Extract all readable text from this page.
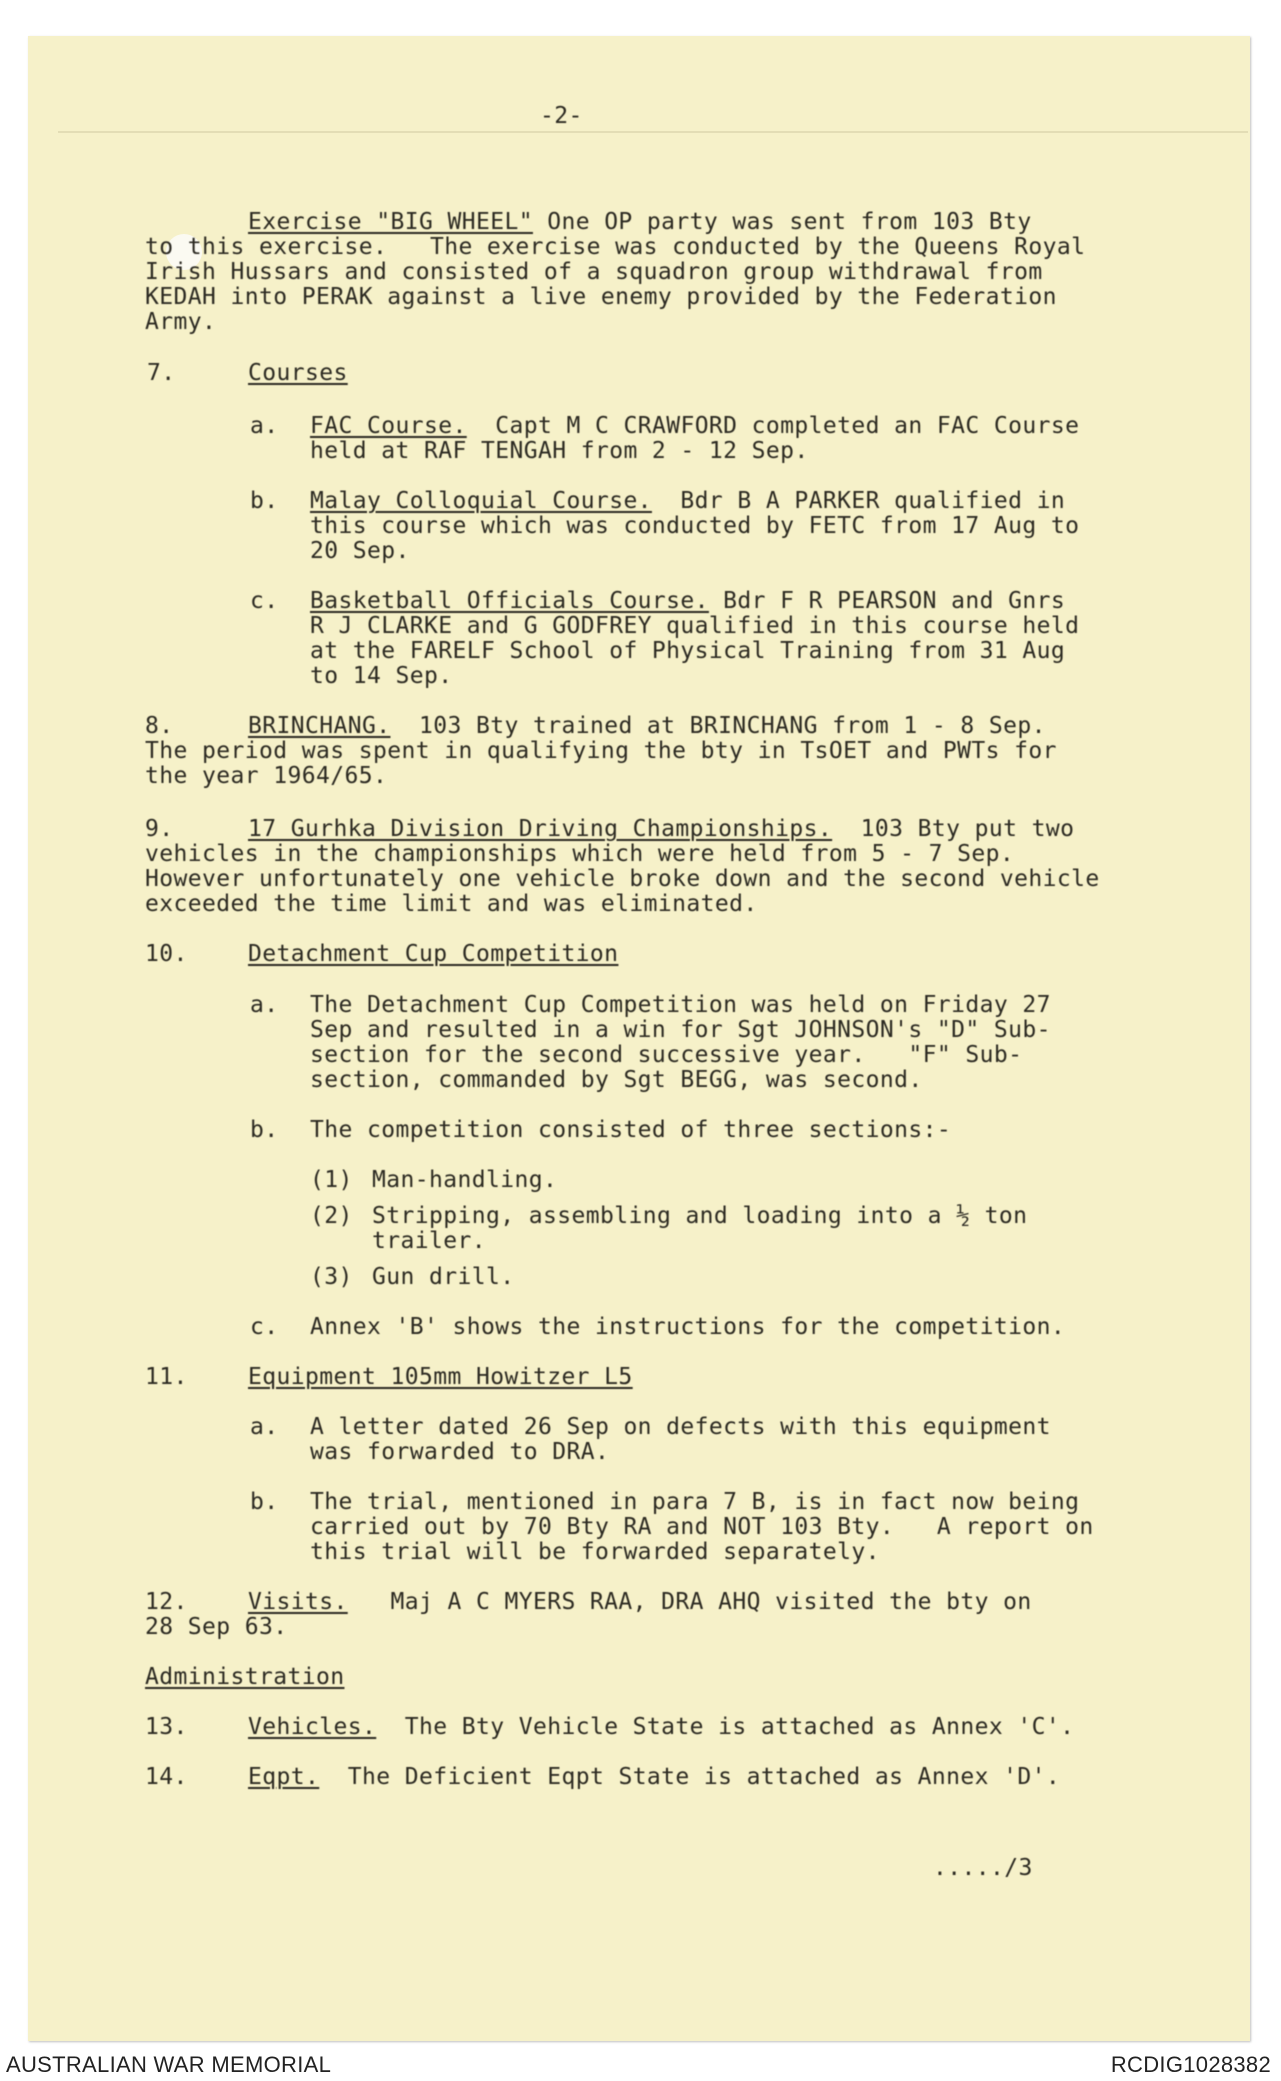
-2-
Exercise "BIG WHEEL" One OP party was sent from 103 Bty
to this exercise.   The exercise was conducted by the Queens Royal
Irish Hussars and consisted of a squadron group withdrawal from
KEDAH into PERAK against a live enemy provided by the Federation
Army.
7.	Courses
a. FAC Course.  Capt M C CRAWFORD completed an FAC Course
held at RAF TENGAH from 2 - 12 Sep.
b. Malay Colloquial Course.  Bdr B A PARKER qualified in
this course which was conducted by FETC from 17 Aug to
20 Sep.
c. Basketball Officials Course. Bdr F R PEARSON and Gnrs
R J CLARKE and G GODFREY qualified in this course held
at the FARELF School of Physical Training from 31 Aug
to 14 Sep.
8.	BRINCHANG.  103 Bty trained at BRINCHANG from 1 - 8 Sep.
The period was spent in qualifying the bty in TsOET and PWTs for
the year 1964/65.
9.	17 Gurhka Division Driving Championships.  103 Bty put two
vehicles in the championships which were held from 5 - 7 Sep.
However unfortunately one vehicle broke down and the second vehicle
exceeded the time limit and was eliminated.
10.	Detachment Cup Competition
a. The Detachment Cup Competition was held on Friday 27
Sep and resulted in a win for Sgt JOHNSON's "D" Sub-
section for the second successive year.   "F" Sub-
section, commanded by Sgt BEGG, was second.
b. The competition consisted of three sections:-
(1) Man-handling.
(2) Stripping, assembling and loading into a ½ ton
trailer.
(3) Gun drill.
c. Annex 'B' shows the instructions for the competition.
11.	Equipment 105mm Howitzer L5
a. A letter dated 26 Sep on defects with this equipment
was forwarded to DRA.
b. The trial, mentioned in para 7 B, is in fact now being
carried out by 70 Bty RA and NOT 103 Bty.   A report on
this trial will be forwarded separately.
12.	Visits.   Maj A C MYERS RAA, DRA AHQ visited the bty on
28 Sep 63.
Administration
13.	Vehicles.  The Bty Vehicle State is attached as Annex 'C'.
14.	Eqpt.  The Deficient Eqpt State is attached as Annex 'D'.
...../3
AUSTRALIAN WAR MEMORIAL	RCDIG1028382
